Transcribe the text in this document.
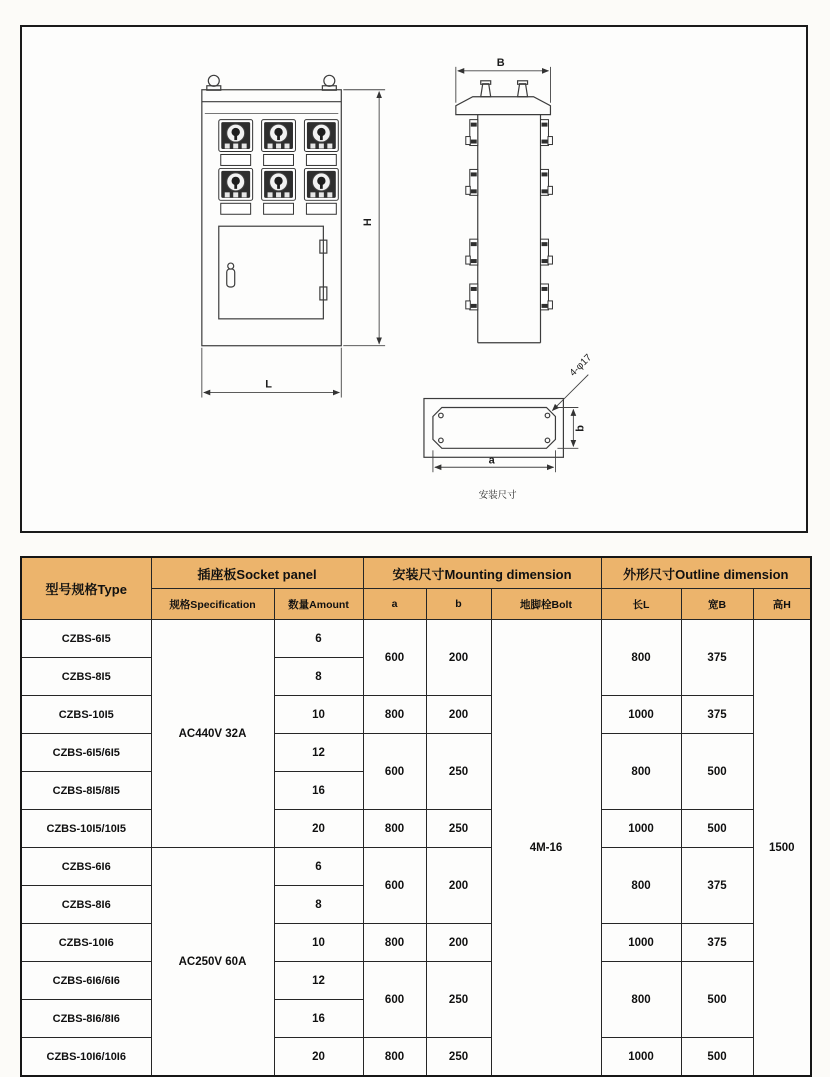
H
L
B
4-φ17
b
a
安装尺寸
型号规格Type	插座板Socket panel		安装尺寸Mounting dimension			外形尺寸Outline dimension		
	规格Specification	数量Amount	a	b	地脚栓Bolt	长L	宽B	高H
CZBS-6I5	AC440V 32A	6	600	200	4M-16	800	375	1500
CZBS-8I5		8						
CZBS-10I5		10	800	200		1000	375	
CZBS-6I5/6I5		12	600	250		800	500	
CZBS-8I5/8I5		16						
CZBS-10I5/10I5		20	800	250		1000	500	
CZBS-6I6	AC250V 60A	6	600	200		800	375	
CZBS-8I6		8						
CZBS-10I6		10	800	200		1000	375	
CZBS-6I6/6I6		12	600	250		800	500	
CZBS-8I6/8I6		16						
CZBS-10I6/10I6		20	800	250		1000	500	
